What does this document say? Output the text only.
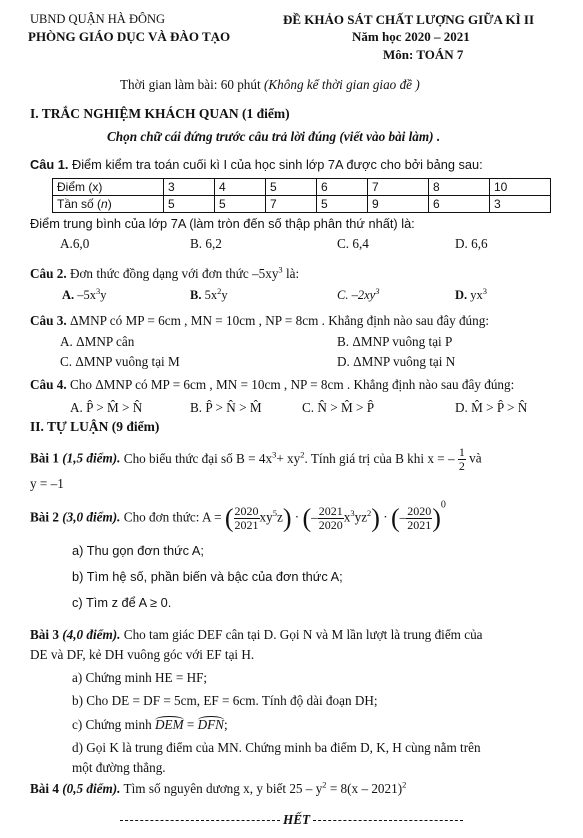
UBND QUẬN HÀ ĐÔNG
PHÒNG GIÁO DỤC VÀ ĐÀO TẠO
ĐỀ KHẢO SÁT CHẤT LƯỢNG GIỮA KÌ II
Năm học 2020 – 2021
Môn: TOÁN 7
Thời gian làm bài: 60 phút (Không kể thời gian giao đề )
I. TRẮC NGHIỆM KHÁCH QUAN (1 điểm)
Chọn chữ cái đứng trước câu trả lời đúng (viết vào bài làm) .
Câu 1. Điểm kiểm tra toán cuối kì I của học sinh lớp 7A được cho bởi bảng sau:
Điểm (x)	3	4	5	6	7	8	10
Tần số (n)	5	5	7	5	9	6	3
Điểm trung bình của lớp 7A (làm tròn đến số thập phân thứ nhất) là:
A.6,0	B. 6,2	C. 6,4	D. 6,6
Câu 2. Đơn thức đồng dạng với đơn thức $-5xy^3$ là:
A. $-5x^3y$	B. $5x^2y$	C. $-2xy^3$	D. $yx^3$
Câu 3. ΔMNP có MP = 6cm , MN = 10cm , NP = 8cm . Khẳng định nào sau đây đúng:
A. ΔMNP cân	B. ΔMNP vuông tại P
C. ΔMNP vuông tại M	D. ΔMNP vuông tại N
Câu 4. Cho ΔMNP có MP = 6cm , MN = 10cm , NP = 8cm . Khẳng định nào sau đây đúng:
A. P̂ > M̂ > N̂	B. P̂ > N̂ > M̂	C. N̂ > M̂ > P̂	D. M̂ > P̂ > N̂
II. TỰ LUẬN (9 điểm)
Bài 1 (1,5 điểm). Cho biểu thức đại số $B = 4x^3+ xy^2$. Tính giá trị của B khi x = – $\frac{1}{2}$ và
y = –1
Bài 2 (3,0 điểm). Cho đơn thức: A = ( $\frac{2020}{2021} xy^5z$) · (– $\frac{2021}{2020} x^3yz^2$) · (– $\frac{2020}{2021} )^0$
a) Thu gọn đơn thức A;
b) Tìm hệ số, phần biến và bậc của đơn thức A;
c) Tìm z để A ≥ 0.
Bài 3 (4,0 điểm). Cho tam giác DEF cân tại D. Gọi N và M lần lượt là trung điểm của
DE và DF, kẻ DH vuông góc với EF tại H.
a) Chứng minh HE = HF;
b) Cho DE = DF = 5cm, EF = 6cm. Tính độ dài đoạn DH;
c) Chứng minh DEM = DFN;
d) Gọi K là trung điểm của MN. Chứng minh ba điểm D, K, H cùng nằm trên
một đường thẳng.
Bài 4 (0,5 điểm). Tìm số nguyên dương x, y biết $25 - y^2 = 8(x - 2021)^2$
HẾT
